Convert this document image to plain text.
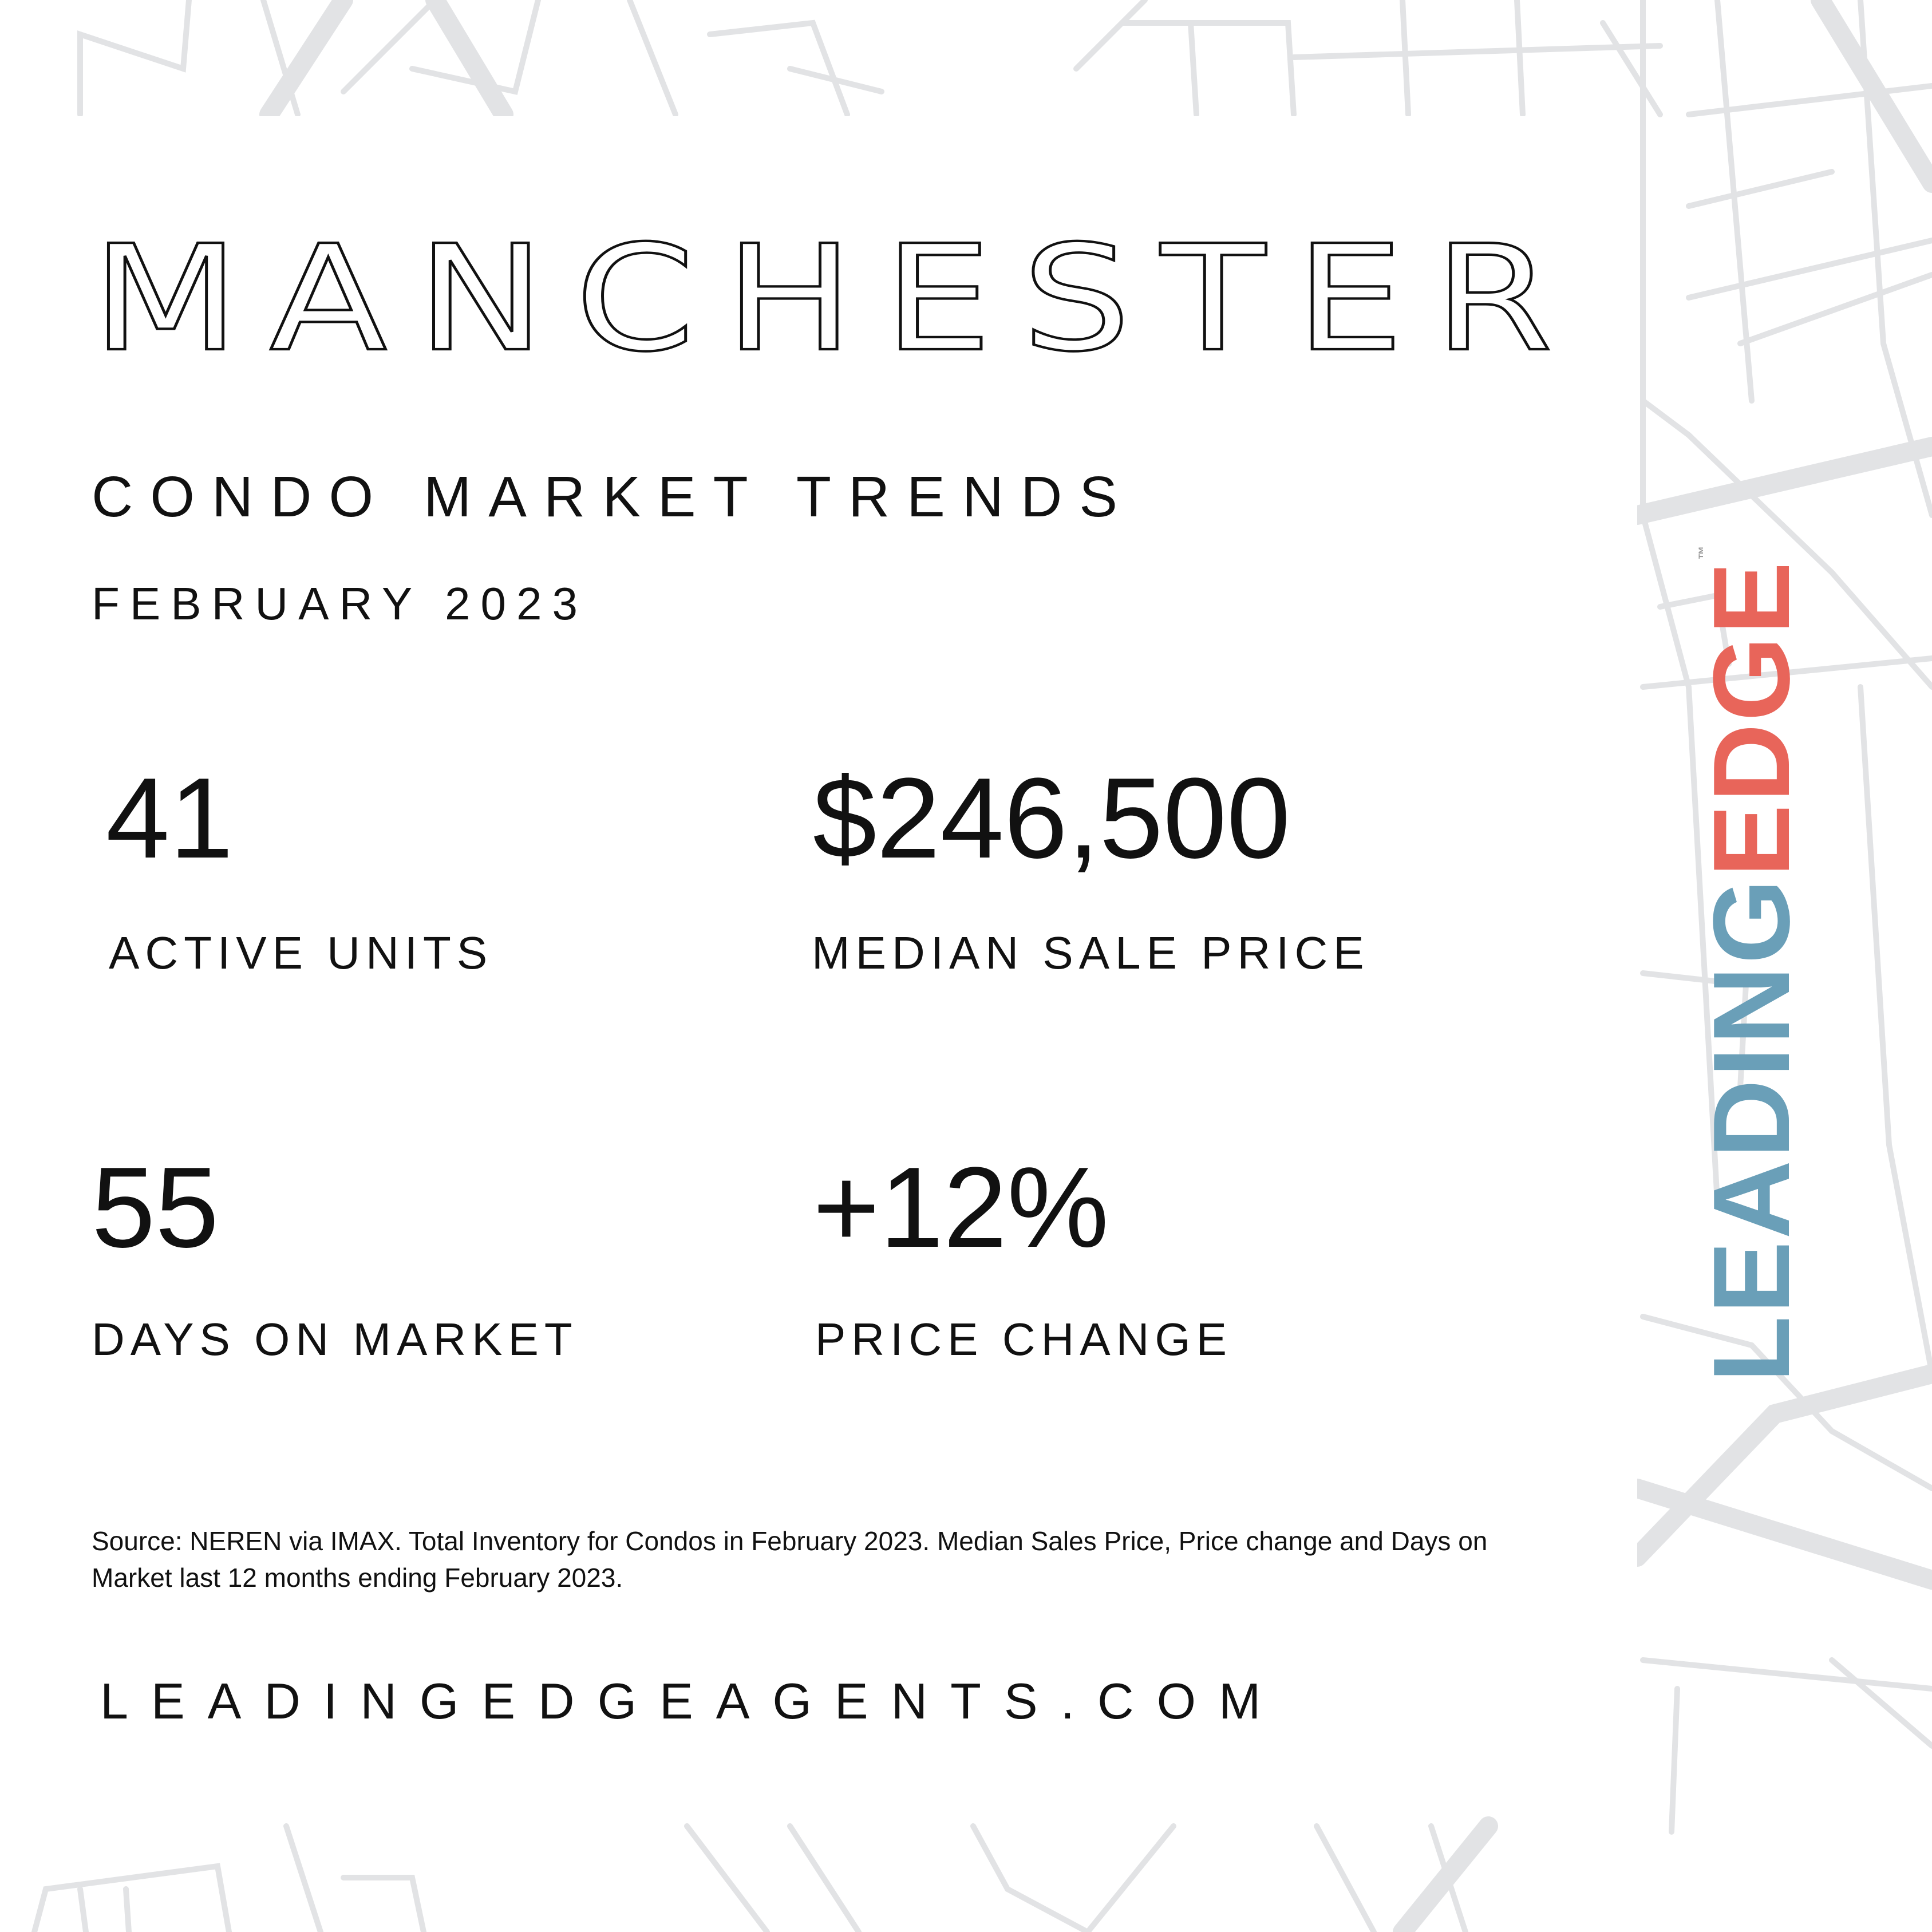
MANCHESTER
CONDO MARKET TRENDS
FEBRUARY 2023
41
ACTIVE UNITS
$246,500
MEDIAN SALE PRICE
55
DAYS ON MARKET
+12%
PRICE CHANGE
Source: NEREN via IMAX. Total Inventory for Condos in February 2023. Median Sales Price, Price change and Days on Market last 12 months ending February 2023.
LEADINGEDGEAGENTS.COM
LEADINGEDGE™
